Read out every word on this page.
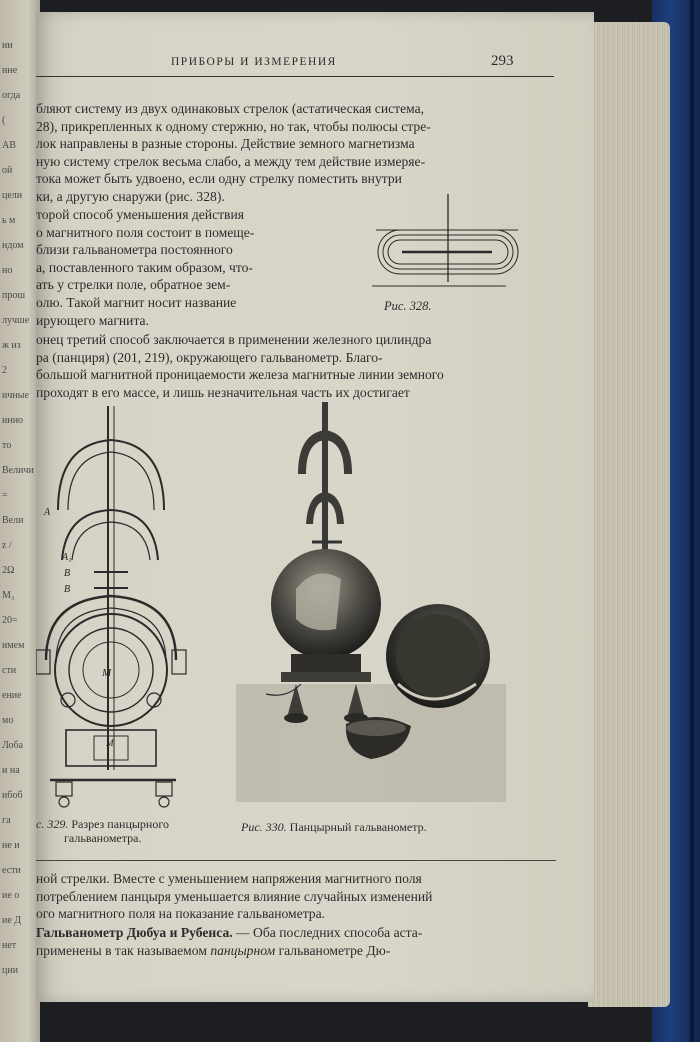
ии
нне
огда
(
АВ
ой
цели
ь м
ндом
но
прош
лучше
ж из
2
ичные
инно
то
Величи
=
Вели
z /
2Ω
М₃
20=
имем
сти
ение
мо
Лоба
и на
ибоб
га
не и
ести
ие о
ие Д
нет
ции
ПРИБОРЫ И ИЗМЕРЕНИЯ	293
бляют систему из двух одинаковых стрелок (астатическая система,
28), прикрепленных к одному стержню, но так, чтобы полюсы стре-
лок направлены в разные стороны. Действие земного магнетизма
ную систему стрелок весьма слабо, а между тем действие измеряе-
тока может быть удвоено, если одну стрелку поместить внутри
ки, а другую снаружи (рис. 328).
торой способ уменьшения действия
о магнитного поля состоит в помеще-
близи гальванометра постоянного
а, поставленного таким образом, что-
ать у стрелки поле, обратное зем-
олю. Такой магнит носит название
ирующего магнита.
Рис. 328.
онец третий способ заключается в применении железного цилиндра
ра (панциря) (201, 219), окружающего гальванометр. Благо-
большой магнитной проницаемости железа магнитные линии земного
проходят в его массе, и лишь незначительная часть их достигает
A
A₁
B
B
M
M
с. 329. Разрез панцырного
гальванометра.
Рис. 330. Панцырный гальванометр.
ной стрелки. Вместе с уменьшением напряжения магнитного поля
потреблением панцыря уменьшается влияние случайных изменений
ого магнитного поля на показание гальванометра.
Гальванометр Дюбуа и Рубенса. — Оба последних способа аста-
применены в так называемом панцырном гальванометре Дю-
